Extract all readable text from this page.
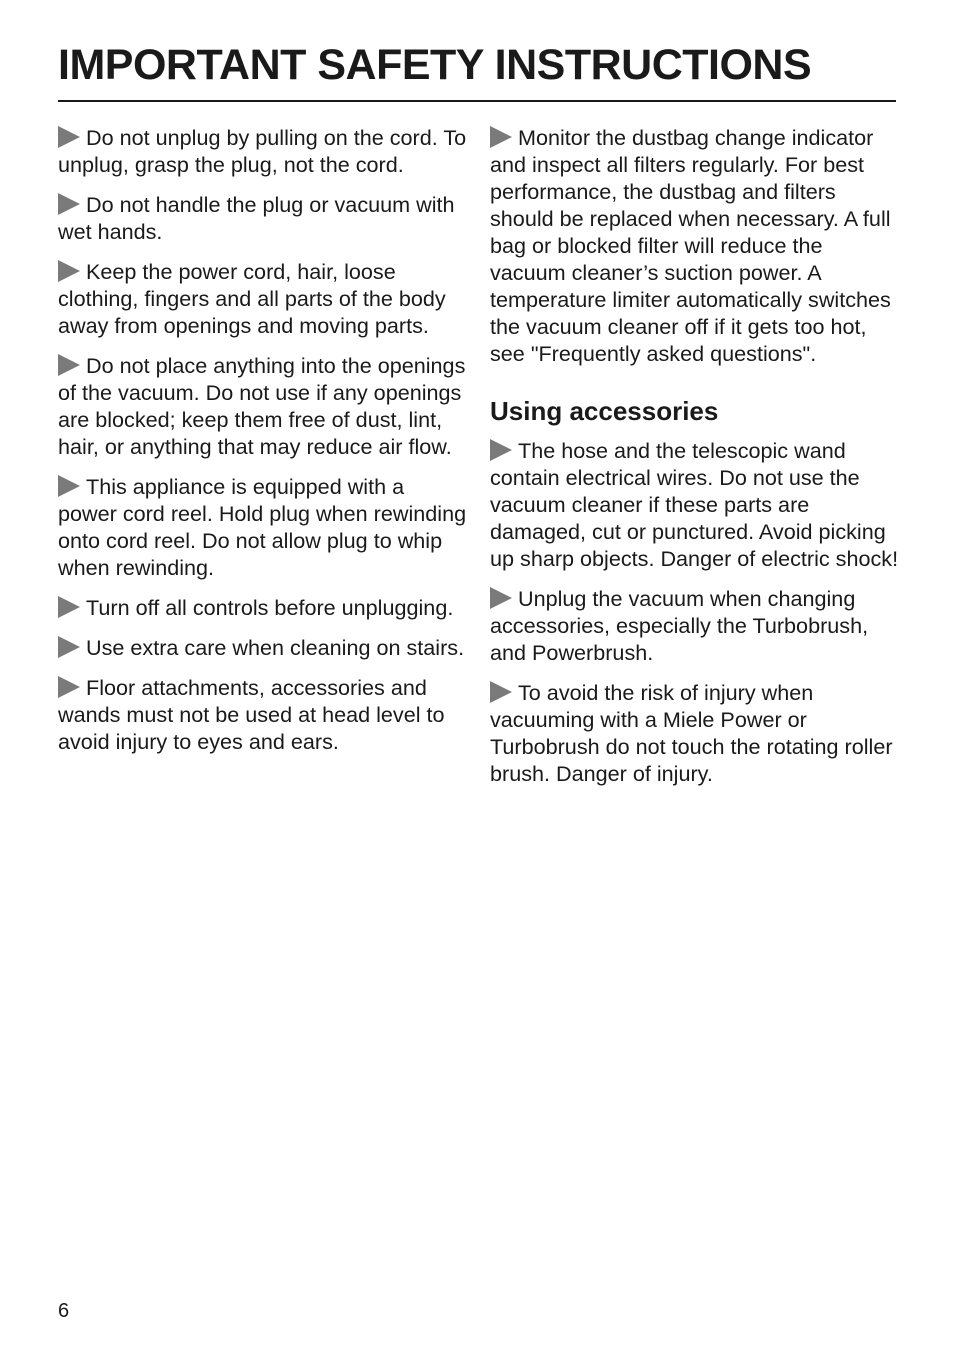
IMPORTANT SAFETY INSTRUCTIONS

Do not unplug by pulling on the cord. To unplug, grasp the plug, not the cord.

Do not handle the plug or vacuum with wet hands.

Keep the power cord, hair, loose clothing, fingers and all parts of the body away from openings and moving parts.

Do not place anything into the openings of the vacuum. Do not use if any openings are blocked; keep them free of dust, lint, hair, or anything that may reduce air flow.

This appliance is equipped with a power cord reel. Hold plug when rewinding onto cord reel. Do not allow plug to whip when rewinding.

Turn off all controls before unplugging.

Use extra care when cleaning on stairs.

Floor attachments, accessories and wands must not be used at head level to avoid injury to eyes and ears.

Monitor the dustbag change indicator and inspect all filters regularly. For best performance, the dustbag and filters should be replaced when necessary. A full bag or blocked filter will reduce the vacuum cleaner’s suction power. A temperature limiter automatically switches the vacuum cleaner off if it gets too hot, see "Frequently asked questions".

Using accessories

The hose and the telescopic wand contain electrical wires. Do not use the vacuum cleaner if these parts are damaged, cut or punctured. Avoid picking up sharp objects. Danger of electric shock!

Unplug the vacuum when changing accessories, especially the Turbobrush, and Powerbrush.

To avoid the risk of injury when vacuuming with a Miele Power or Turbobrush do not touch the rotating roller brush. Danger of injury.

6
